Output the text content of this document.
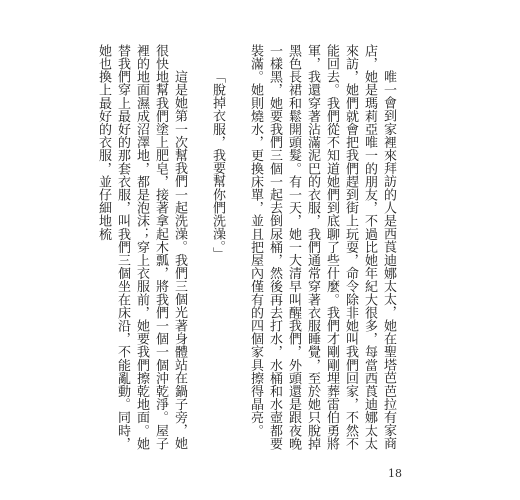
唯一會到家裡來拜訪的人是西莨迪娜太太，她在聖塔芭芭拉有家商店，她是瑪莉亞唯一的朋友，不過比她年紀大很多，每當西莨迪娜太太來訪，她們就會把我們趕到街上玩耍，命令除非她叫我們回家，不然不能回去。我們從不知道她們到底聊了些什麼。我們才剛剛埋葬雷伯勇將軍，我還穿著沾滿泥巴的衣服，我們通常穿著衣服睡覺，至於她只脫掉黑色長裙和鬆開頭髮。有一天，她一大清早叫醒我們，外頭還是跟夜晚一樣黑，她要我們三個一起去倒尿桶，然後再去打水，水桶和水壺都要裝滿。她則燒水，更換床單，並且把屋內僅有的四個家具擦得晶亮。

「脫掉衣服，我要幫你們洗澡。」

這是她第一次幫我們一起洗澡。我們三個光著身體站在鍋子旁，她很快地幫我們塗上肥皂，接著拿起木瓢，將我們一個一個沖乾淨。屋子裡的地面濕成沼澤地，都是泡沫；穿上衣服前，她要我們擦乾地面。她替我們穿上最好的那套衣服，叫我們三個坐在床沿，不能亂動。同時，她也換上最好的衣服，並仔細地梳

18
